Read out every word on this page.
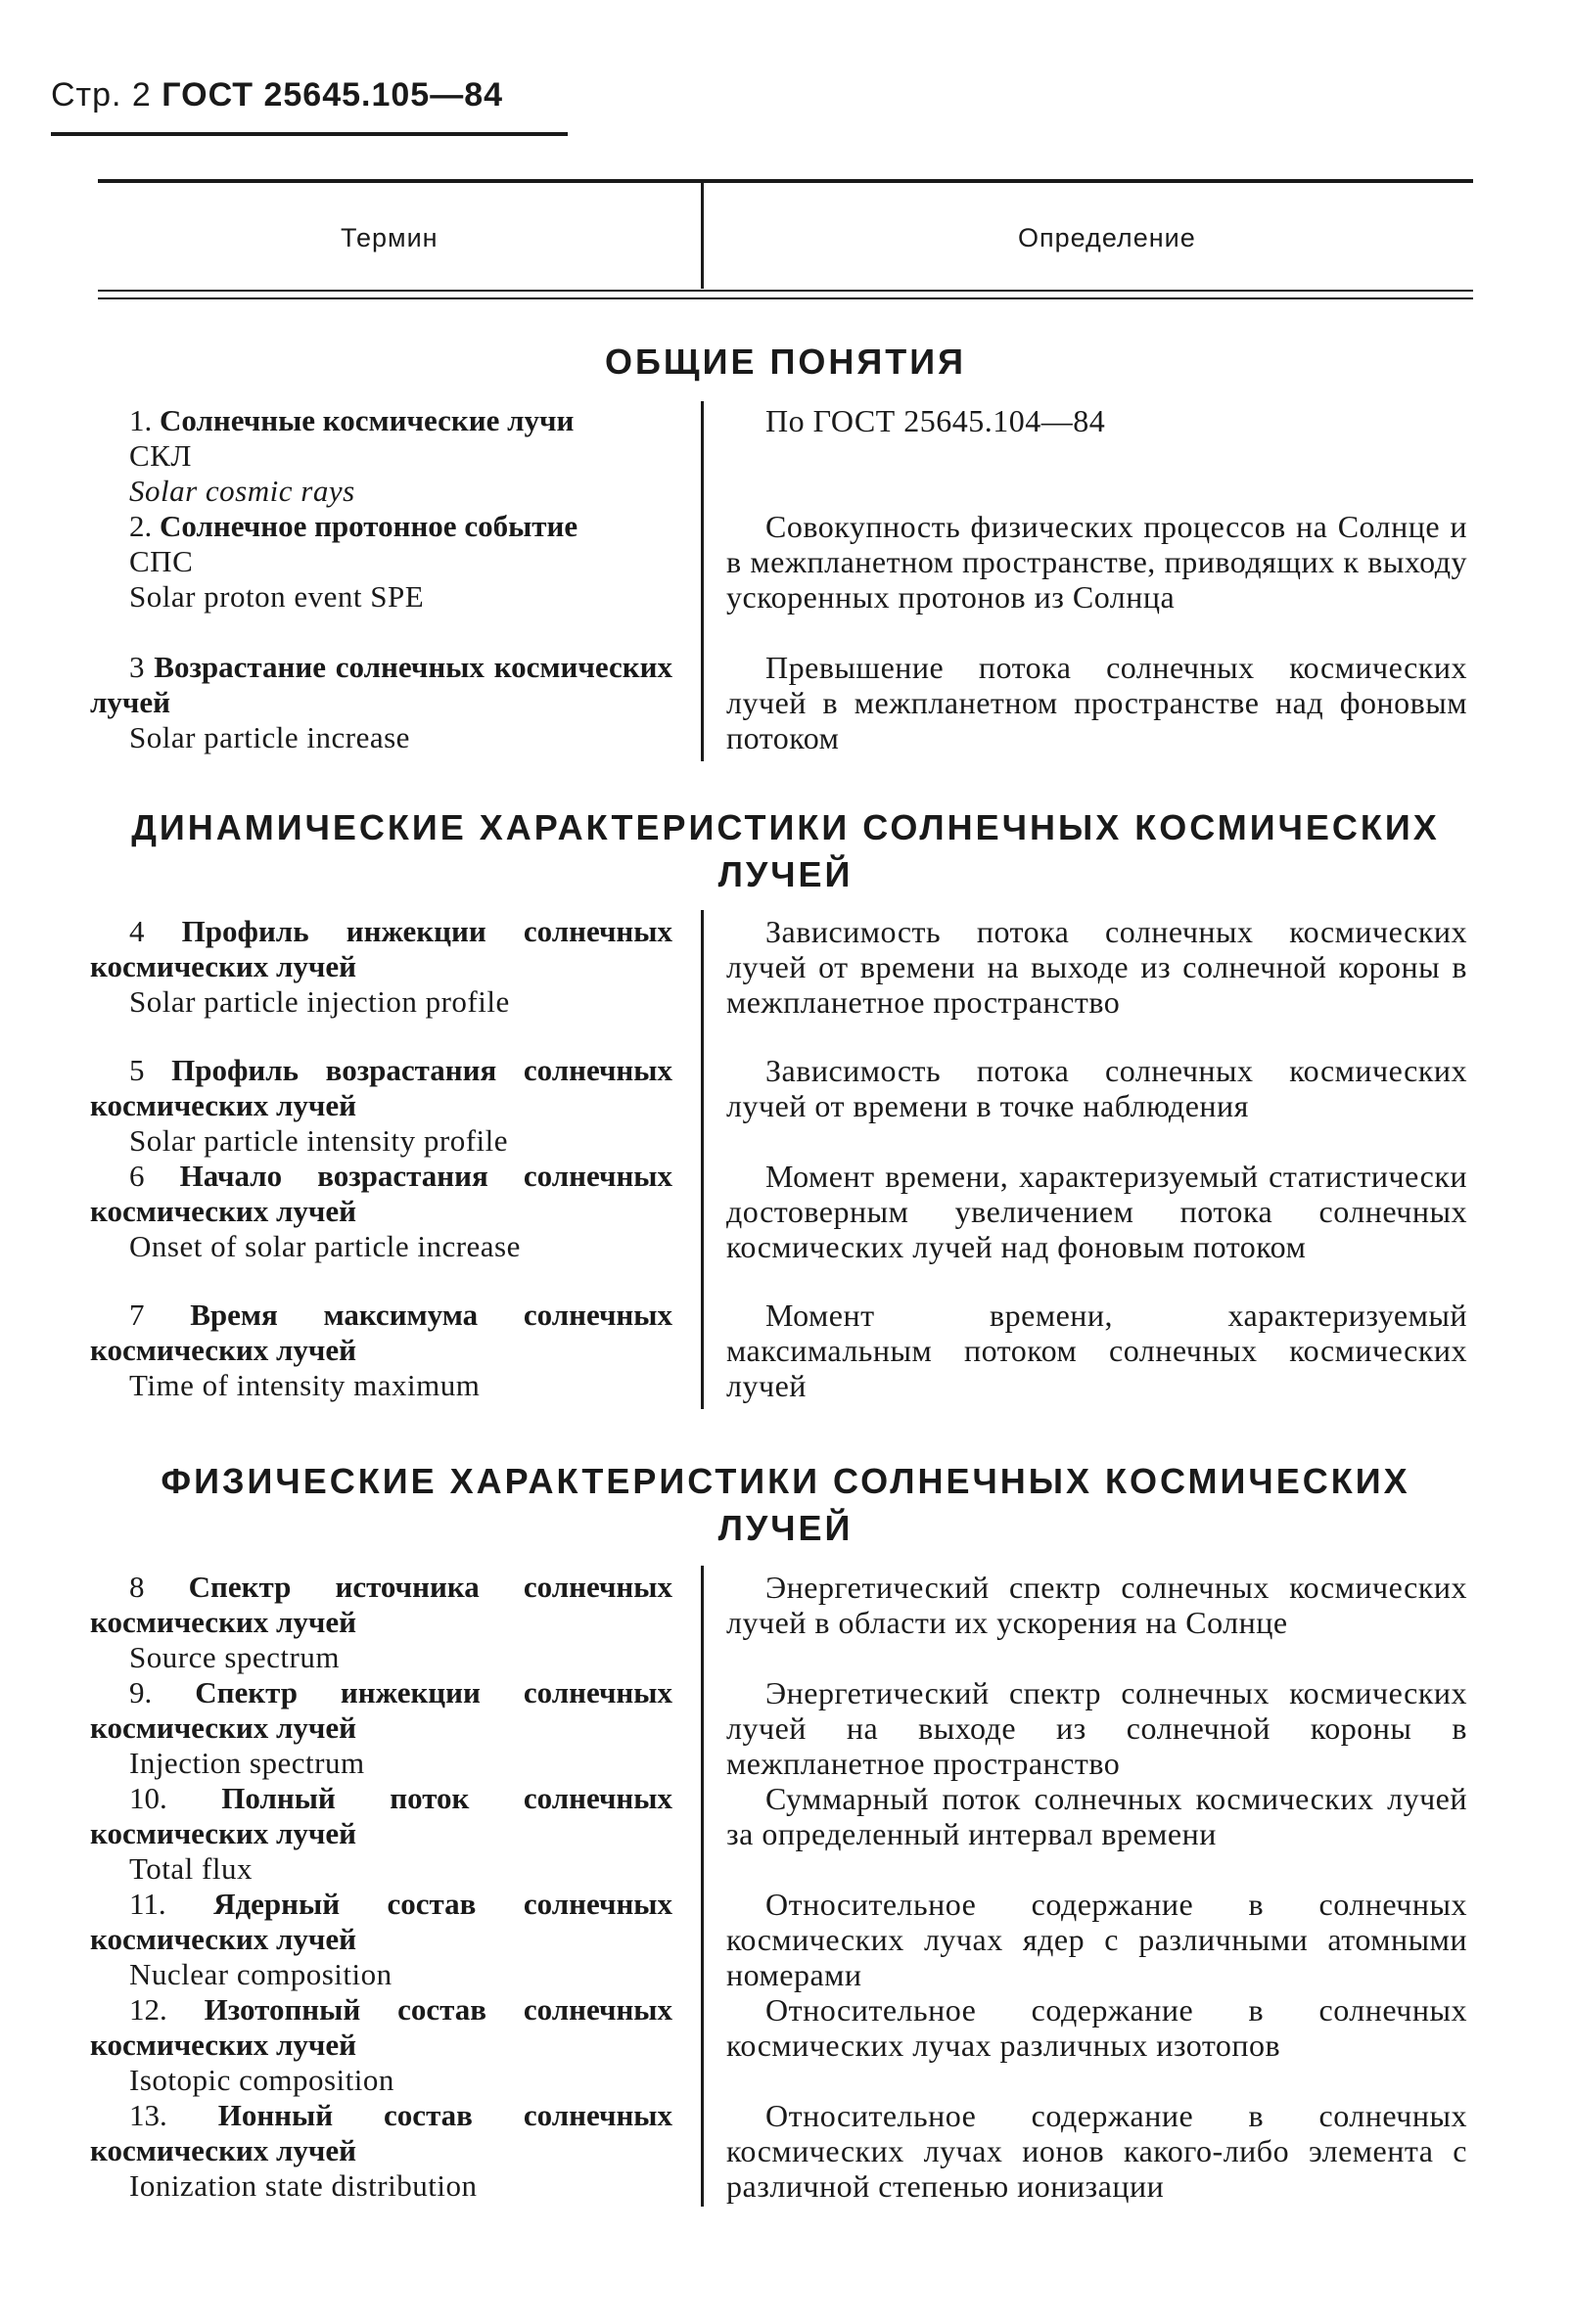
Стр. 2 ГОСТ 25645.105—84
Термин	Определение
ОБЩИЕ ПОНЯТИЯ
1. Солнечные космические лучи
СКЛ
Solar cosmic rays
По ГОСТ 25645.104—84
2. Солнечное протонное событие
СПС
Solar proton event SPE
Совокупность физических процессов на Солнце и в межпланетном пространстве, приводящих к выходу ускоренных протонов из Солнца
3 Возрастание солнечных космических лучей
Solar particle increase
Превышение потока солнечных космических лучей в межпланетном пространстве над фоновым потоком
ДИНАМИЧЕСКИЕ ХАРАКТЕРИСТИКИ СОЛНЕЧНЫХ КОСМИЧЕСКИХ
ЛУЧЕЙ
4 Профиль инжекции солнечных космических лучей
Solar particle injection profile
Зависимость потока солнечных космических лучей от времени на выходе из солнечной короны в межпланетное пространство
5 Профиль возрастания солнечных космических лучей
Solar particle intensity profile
Зависимость потока солнечных космических лучей от времени в точке наблюдения
6 Начало возрастания солнечных космических лучей
Onset of solar particle increase
Момент времени, характеризуемый статистически достоверным увеличением потока солнечных космических лучей над фоновым потоком
7 Время максимума солнечных космических лучей
Time of intensity maximum
Момент времени, характеризуемый максимальным потоком солнечных космических лучей
ФИЗИЧЕСКИЕ ХАРАКТЕРИСТИКИ СОЛНЕЧНЫХ КОСМИЧЕСКИХ
ЛУЧЕЙ
8 Спектр источника солнечных космических лучей
Source spectrum
Энергетический спектр солнечных космических лучей в области их ускорения на Солнце
9. Спектр инжекции солнечных космических лучей
Injection spectrum
Энергетический спектр солнечных космических лучей на выходе из солнечной короны в межпланетное пространство
10. Полный поток солнечных космических лучей
Total flux
Суммарный поток солнечных космических лучей за определенный интервал времени
11. Ядерный состав солнечных космических лучей
Nuclear composition
Относительное содержание в солнечных космических лучах ядер с различными атомными номерами
12. Изотопный состав солнечных космических лучей
Isotopic composition
Относительное содержание в солнечных космических лучах различных изотопов
13. Ионный состав солнечных космических лучей
Ionization state distribution
Относительное содержание в солнечных космических лучах ионов какого-либо элемента с различной степенью ионизации
